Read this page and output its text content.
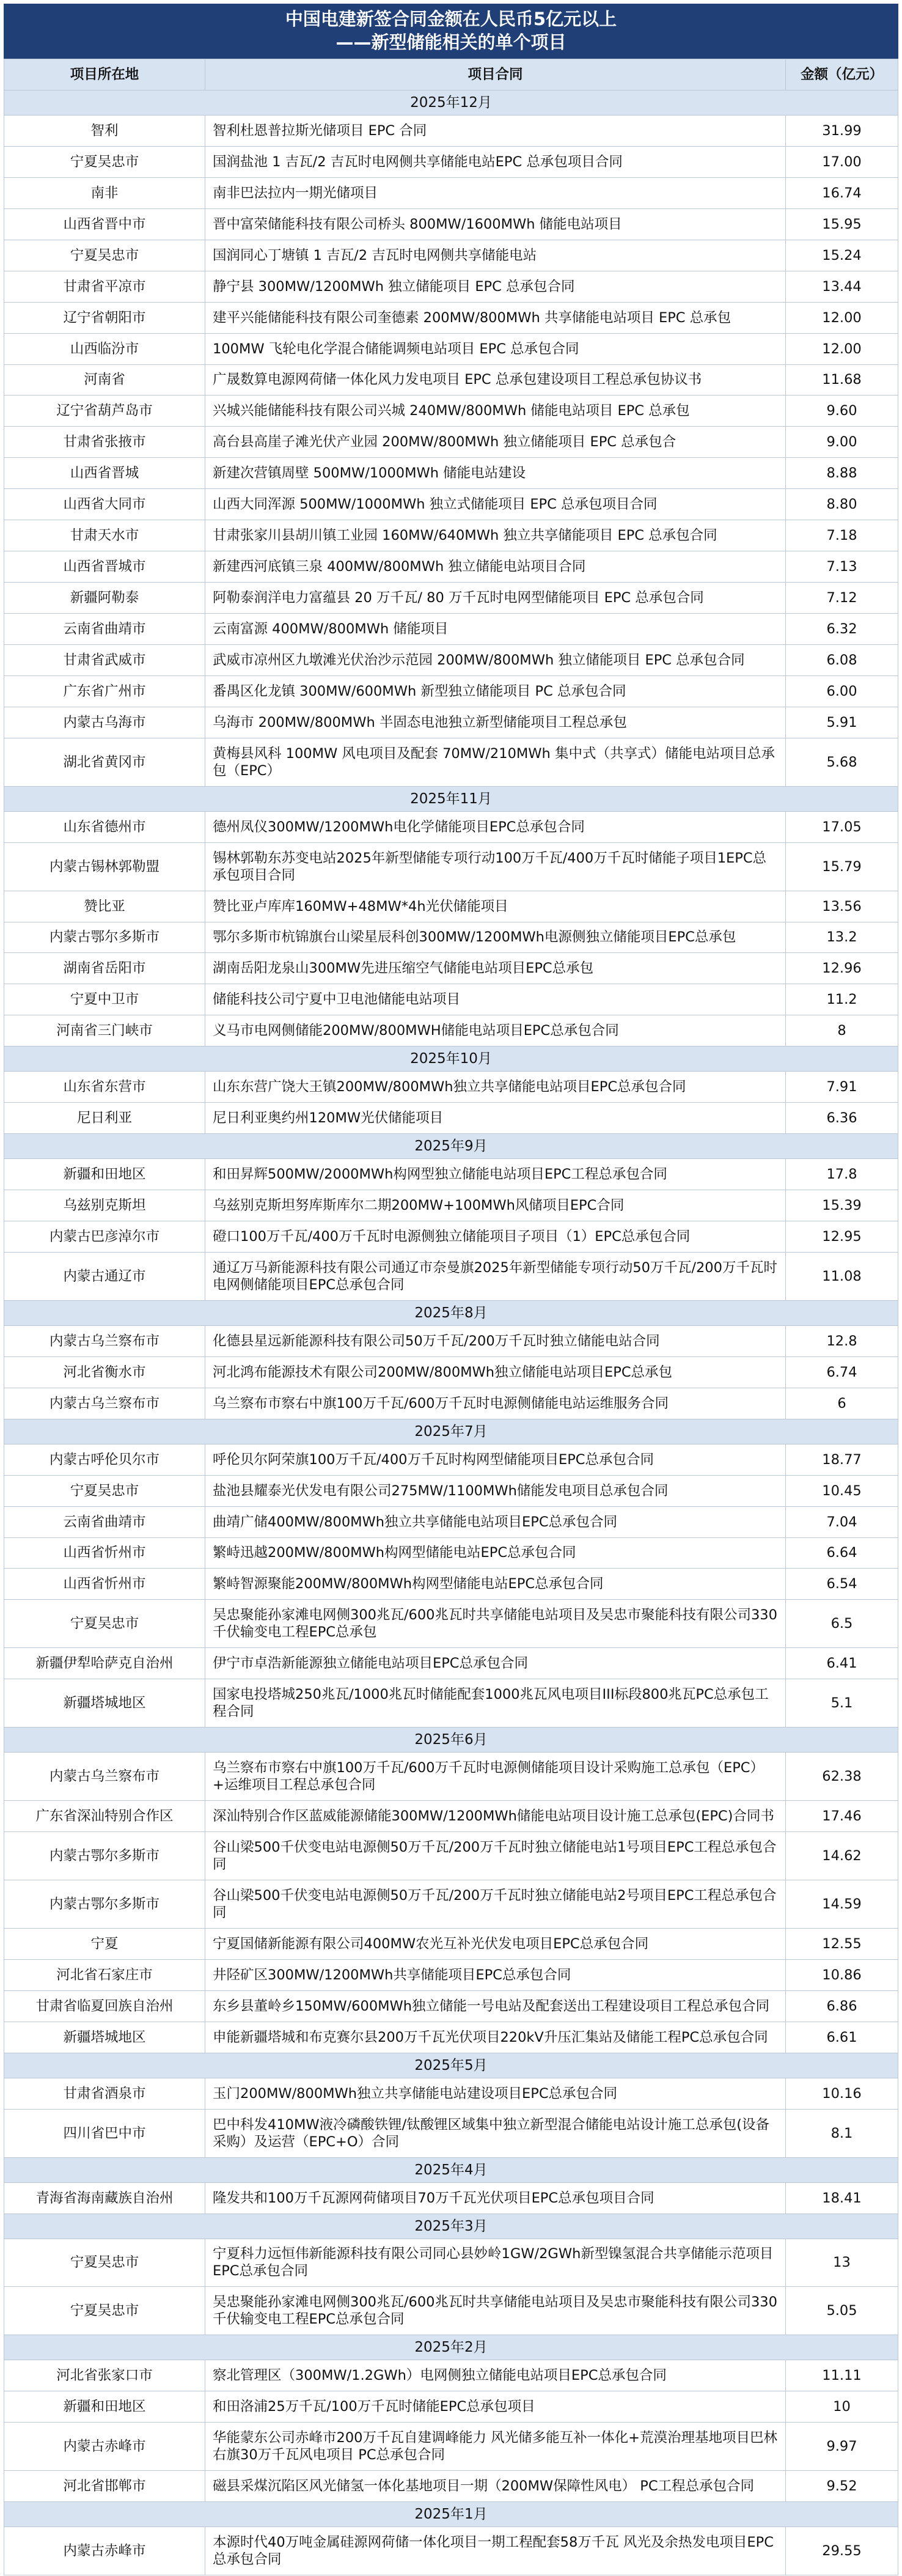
中国电建新签合同金额在人民币5亿元以上
——新型储能相关的单个项目
项目所在地	项目合同	金额（亿元）
2025年12月		
智利	智利杜恩普拉斯光储项目 EPC 合同	31.99
宁夏吴忠市	国润盐池 1 吉瓦/2 吉瓦时电网侧共享储能电站EPC 总承包项目合同	17.00
南非	南非巴法拉内一期光储项目	16.74
山西省晋中市	晋中富荣储能科技有限公司桥头 800MW/1600MWh 储能电站项目	15.95
宁夏吴忠市	国润同心丁塘镇 1 吉瓦/2 吉瓦时电网侧共享储能电站	15.24
甘肃省平凉市	静宁县 300MW/1200MWh 独立储能项目 EPC 总承包合同	13.44
辽宁省朝阳市	建平兴能储能科技有限公司奎德素 200MW/800MWh 共享储能电站项目 EPC 总承包	12.00
山西临汾市	100MW 飞轮电化学混合储能调频电站项目 EPC 总承包合同	12.00
河南省	广晟数算电源网荷储一体化风力发电项目 EPC 总承包建设项目工程总承包协议书	11.68
辽宁省葫芦岛市	兴城兴能储能科技有限公司兴城 240MW/800MWh 储能电站项目 EPC 总承包	9.60
甘肃省张掖市	高台县高崖子滩光伏产业园 200MW/800MWh 独立储能项目 EPC 总承包合	9.00
山西省晋城	新建次营镇周壁 500MW/1000MWh 储能电站建设	8.88
山西省大同市	山西大同浑源 500MW/1000MWh 独立式储能项目 EPC 总承包项目合同	8.80
甘肃天水市	甘肃张家川县胡川镇工业园 160MW/640MWh 独立共享储能项目 EPC 总承包合同	7.18
山西省晋城市	新建西河底镇三泉 400MW/800MWh 独立储能电站项目合同	7.13
新疆阿勒泰	阿勒泰润洋电力富蕴县 20 万千瓦/ 80 万千瓦时电网型储能项目 EPC 总承包合同	7.12
云南省曲靖市	云南富源 400MW/800MWh 储能项目	6.32
甘肃省武威市	武威市凉州区九墩滩光伏治沙示范园 200MW/800MWh 独立储能项目 EPC 总承包合同	6.08
广东省广州市	番禺区化龙镇 300MW/600MWh 新型独立储能项目 PC 总承包合同	6.00
内蒙古乌海市	乌海市 200MW/800MWh 半固态电池独立新型储能项目工程总承包	5.91
湖北省黄冈市	黄梅县风科 100MW 风电项目及配套 70MW/210MWh 集中式（共享式）储能电站项目总承包（EPC）	5.68
2025年11月		
山东省德州市	德州凤仪300MW/1200MWh电化学储能项目EPC总承包合同	17.05
内蒙古锡林郭勒盟	锡林郭勒东苏变电站2025年新型储能专项行动100万千瓦/400万千瓦时储能子项目1EPC总承包项目合同	15.79
赞比亚	赞比亚卢库库160MW+48MW*4h光伏储能项目	13.56
内蒙古鄂尔多斯市	鄂尔多斯市杭锦旗台山梁星辰科创300MW/1200MWh电源侧独立储能项目EPC总承包	13.2
湖南省岳阳市	湖南岳阳龙泉山300MW先进压缩空气储能电站项目EPC总承包	12.96
宁夏中卫市	储能科技公司宁夏中卫电池储能电站项目	11.2
河南省三门峡市	义马市电网侧储能200MW/800MWH储能电站项目EPC总承包合同	8
2025年10月		
山东省东营市	山东东营广饶大王镇200MW/800MWh独立共享储能电站项目EPC总承包合同	7.91
尼日利亚	尼日利亚奥约州120MW光伏储能项目	6.36
2025年9月		
新疆和田地区	和田昇辉500MW/2000MWh构网型独立储能电站项目EPC工程总承包合同	17.8
乌兹别克斯坦	乌兹别克斯坦努库斯库尔二期200MW+100MWh风储项目EPC合同	15.39
内蒙古巴彦淖尔市	磴口100万千瓦/400万千瓦时电源侧独立储能项目子项目（1）EPC总承包合同	12.95
内蒙古通辽市	通辽万马新能源科技有限公司通辽市奈曼旗2025年新型储能专项行动50万千瓦/200万千瓦时电网侧储能项目EPC总承包合同	11.08
2025年8月		
内蒙古乌兰察布市	化德县星远新能源科技有限公司50万千瓦/200万千瓦时独立储能电站合同	12.8
河北省衡水市	河北鸿布能源技术有限公司200MW/800MWh独立储能电站项目EPC总承包	6.74
内蒙古乌兰察布市	乌兰察布市察右中旗100万千瓦/600万千瓦时电源侧储能电站运维服务合同	6
2025年7月		
内蒙古呼伦贝尔市	呼伦贝尔阿荣旗100万千瓦/400万千瓦时构网型储能项目EPC总承包合同	18.77
宁夏吴忠市	盐池县耀泰光伏发电有限公司275MW/1100MWh储能发电项目总承包合同	10.45
云南省曲靖市	曲靖广储400MW/800MWh独立共享储能电站项目EPC总承包合同	7.04
山西省忻州市	繁峙迅越200MW/800MWh构网型储能电站EPC总承包合同	6.64
山西省忻州市	繁峙智源聚能200MW/800MWh构网型储能电站EPC总承包合同	6.54
宁夏吴忠市	吴忠聚能孙家滩电网侧300兆瓦/600兆瓦时共享储能电站项目及吴忠市聚能科技有限公司330千伏输变电工程EPC总承包	6.5
新疆伊犁哈萨克自治州	伊宁市卓浩新能源独立储能电站项目EPC总承包合同	6.41
新疆塔城地区	国家电投塔城250兆瓦/1000兆瓦时储能配套1000兆瓦风电项目III标段800兆瓦PC总承包工程合同	5.1
2025年6月		
内蒙古乌兰察布市	乌兰察布市察右中旗100万千瓦/600万千瓦时电源侧储能项目设计采购施工总承包（EPC）+运维项目工程总承包合同	62.38
广东省深汕特别合作区	深汕特别合作区蓝威能源储能300MW/1200MWh储能电站项目设计施工总承包(EPC)合同书	17.46
内蒙古鄂尔多斯市	谷山梁500千伏变电站电源侧50万千瓦/200万千瓦时独立储能电站1号项目EPC工程总承包合同	14.62
内蒙古鄂尔多斯市	谷山梁500千伏变电站电源侧50万千瓦/200万千瓦时独立储能电站2号项目EPC工程总承包合同	14.59
宁夏	宁夏国储新能源有限公司400MW农光互补光伏发电项目EPC总承包合同	12.55
河北省石家庄市	井陉矿区300MW/1200MWh共享储能项目EPC总承包合同	10.86
甘肃省临夏回族自治州	东乡县董岭乡150MW/600MWh独立储能一号电站及配套送出工程建设项目工程总承包合同	6.86
新疆塔城地区	申能新疆塔城和布克赛尔县200万千瓦光伏项目220kV升压汇集站及储能工程PC总承包合同	6.61
2025年5月		
甘肃省酒泉市	玉门200MW/800MWh独立共享储能电站建设项目EPC总承包合同	10.16
四川省巴中市	巴中科发410MW液冷磷酸铁锂/钛酸锂区域集中独立新型混合储能电站设计施工总承包(设备采购）及运营（EPC+O）合同	8.1
2025年4月		
青海省海南藏族自治州	隆发共和100万千瓦源网荷储项目70万千瓦光伏项目EPC总承包项目合同	18.41
2025年3月		
宁夏吴忠市	宁夏科力远恒伟新能源科技有限公司同心县妙岭1GW/2GWh新型镍氢混合共享储能示范项目EPC总承包合同	13
宁夏吴忠市	吴忠聚能孙家滩电网侧300兆瓦/600兆瓦时共享储能电站项目及吴忠市聚能科技有限公司330千伏输变电工程EPC总承包合同	5.05
2025年2月		
河北省张家口市	察北管理区（300MW/1.2GWh）电网侧独立储能电站项目EPC总承包合同	11.11
新疆和田地区	和田洛浦25万千瓦/100万千瓦时储能EPC总承包项目	10
内蒙古赤峰市	华能蒙东公司赤峰市200万千瓦自建调峰能力 风光储多能互补一体化+荒漠治理基地项目巴林右旗30万千瓦风电项目 PC总承包合同	9.97
河北省邯郸市	磁县采煤沉陷区风光储氢一体化基地项目一期（200MW保障性风电） PC工程总承包合同	9.52
2025年1月		
内蒙古赤峰市	本源时代40万吨金属硅源网荷储一体化项目一期工程配套58万千瓦 风光及余热发电项目EPC总承包合同	29.55
